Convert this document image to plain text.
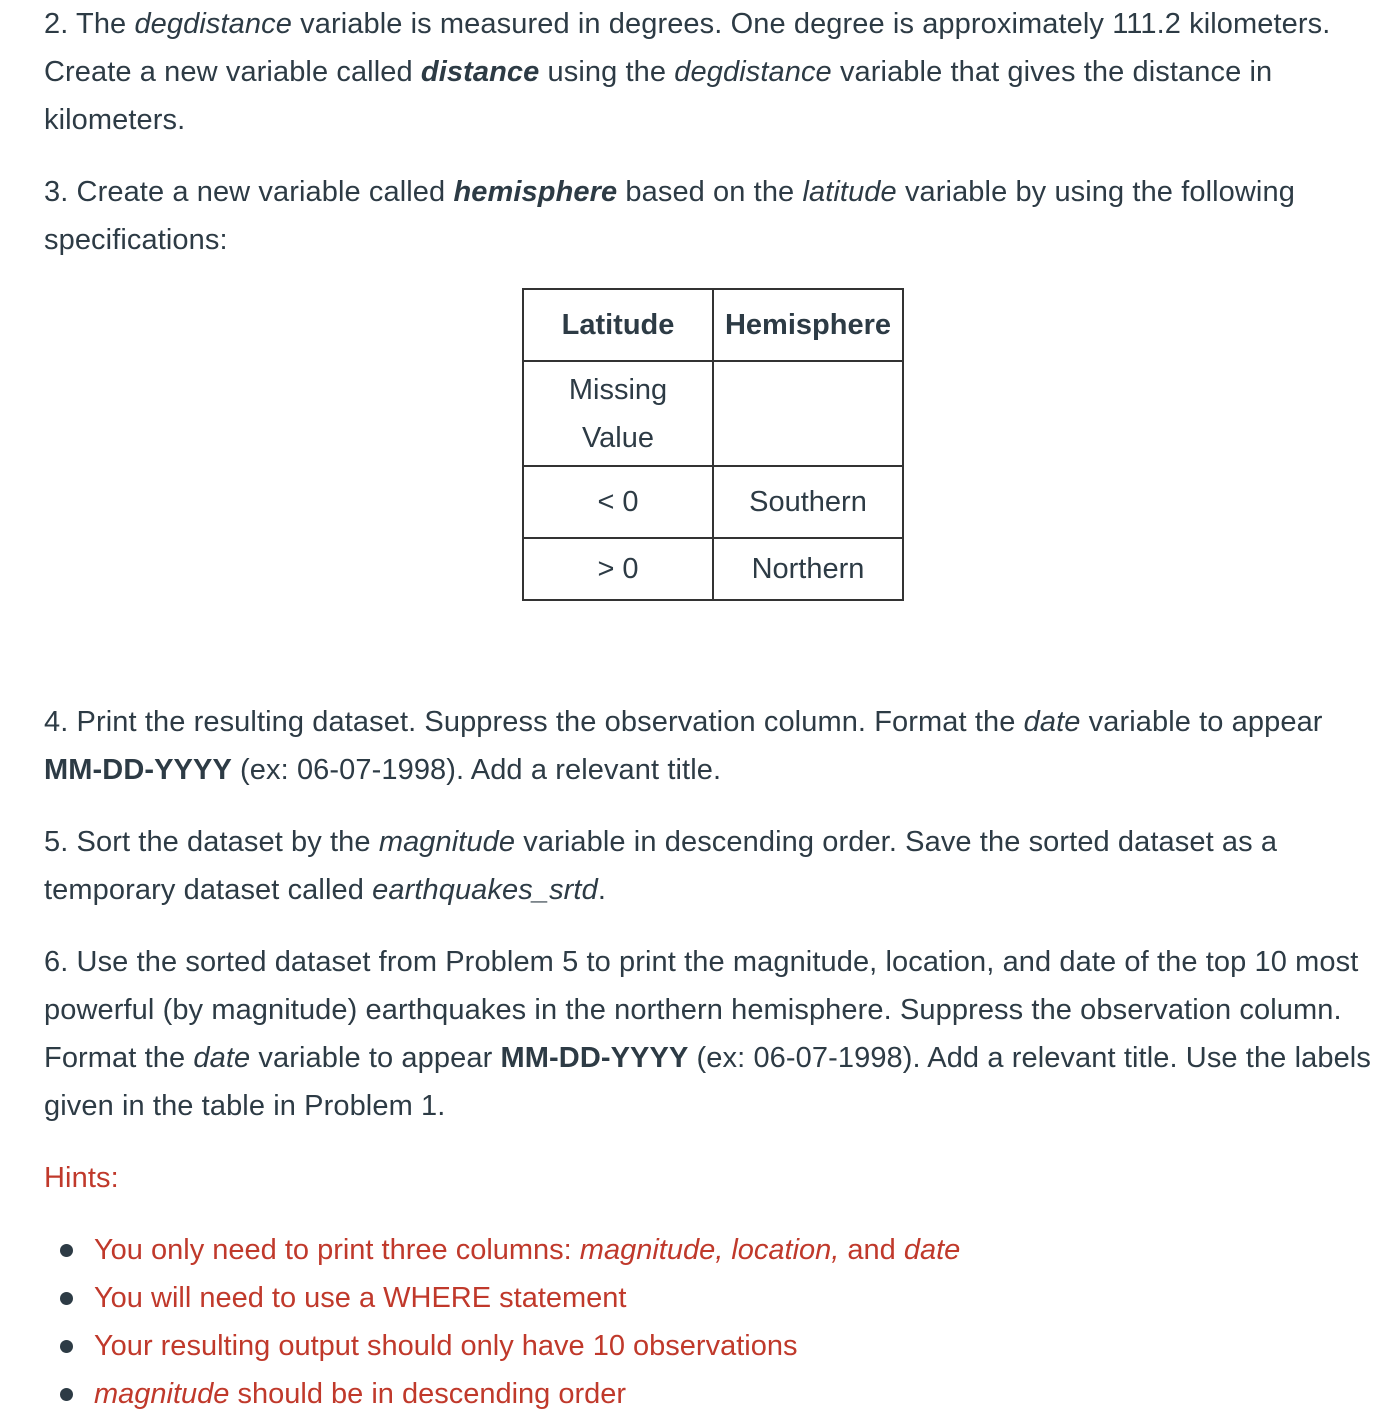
2. The degdistance variable is measured in degrees. One degree is approximately 111.2 kilometers. Create a new variable called distance using the degdistance variable that gives the distance in kilometers.

3. Create a new variable called hemisphere based on the latitude variable by using the following specifications:

Latitude	Hemisphere

Missing Value	

< 0	Southern
> 0	Northern

4. Print the resulting dataset. Suppress the observation column. Format the date variable to appear MM-DD-YYYY (ex: 06-07-1998). Add a relevant title.

5. Sort the dataset by the magnitude variable in descending order. Save the sorted dataset as a temporary dataset called earthquakes_srtd.

6. Use the sorted dataset from Problem 5 to print the magnitude, location, and date of the top 10 most powerful (by magnitude) earthquakes in the northern hemisphere. Suppress the observation column. Format the date variable to appear MM-DD-YYYY (ex: 06-07-1998). Add a relevant title. Use the labels given in the table in Problem 1.

Hints:

You only need to print three columns: magnitude, location, and date
You will need to use a WHERE statement
Your resulting output should only have 10 observations
magnitude should be in descending order
